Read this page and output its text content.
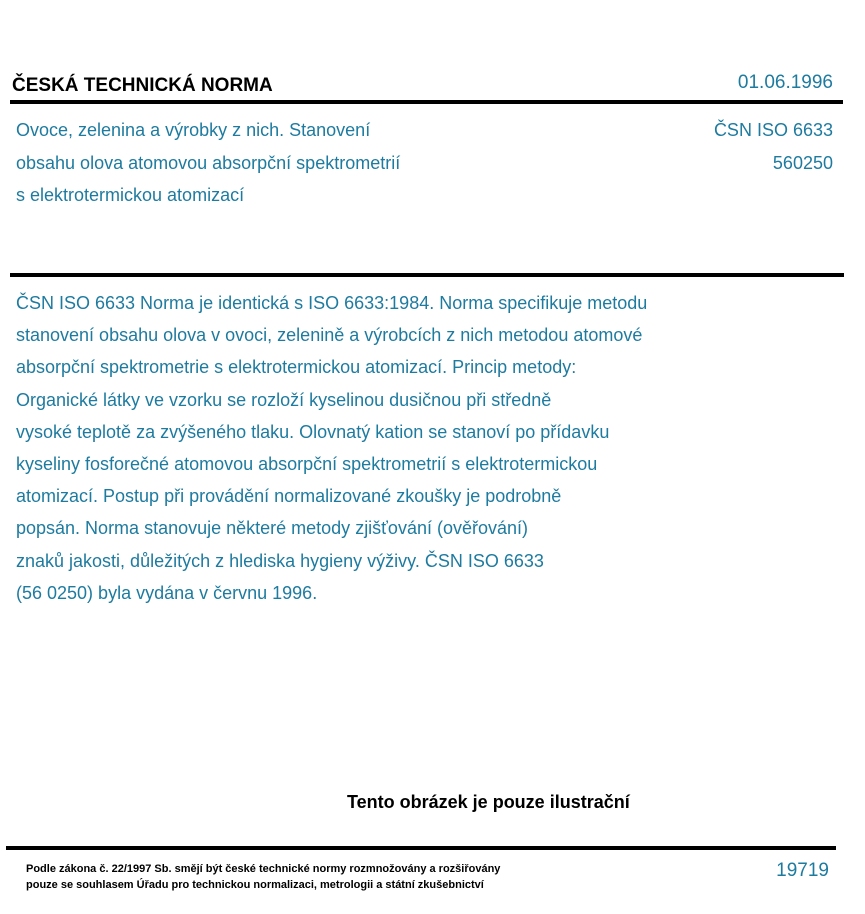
ČESKÁ TECHNICKÁ NORMA	01.06.1996
Ovoce, zelenina a výrobky z nich. Stanovení
obsahu olova atomovou absorpční spektrometrií
s elektrotermickou atomizací
ČSN ISO 6633
560250
ČSN ISO 6633 Norma je identická s ISO 6633:1984. Norma specifikuje metodu
stanovení obsahu olova v ovoci, zelenině a výrobcích z nich metodou atomové
absorpční spektrometrie s elektrotermickou atomizací. Princip metody:
Organické látky ve vzorku se rozloží kyselinou dusičnou při středně
vysoké teplotě za zvýšeného tlaku. Olovnatý kation se stanoví po přídavku
kyseliny fosforečné atomovou absorpční spektrometrií s elektrotermickou
atomizací. Postup při provádění normalizované zkoušky je podrobně
popsán. Norma stanovuje některé metody zjišťování (ověřování)
znaků jakosti, důležitých z hlediska hygieny výživy. ČSN ISO 6633
(56 0250) byla vydána v červnu 1996.
Tento obrázek je pouze ilustrační
Podle zákona č. 22/1997 Sb. smějí být české technické normy rozmnožovány a rozšiřovány
pouze se souhlasem Úřadu pro technickou normalizaci, metrologii a státní zkušebnictví
19719
